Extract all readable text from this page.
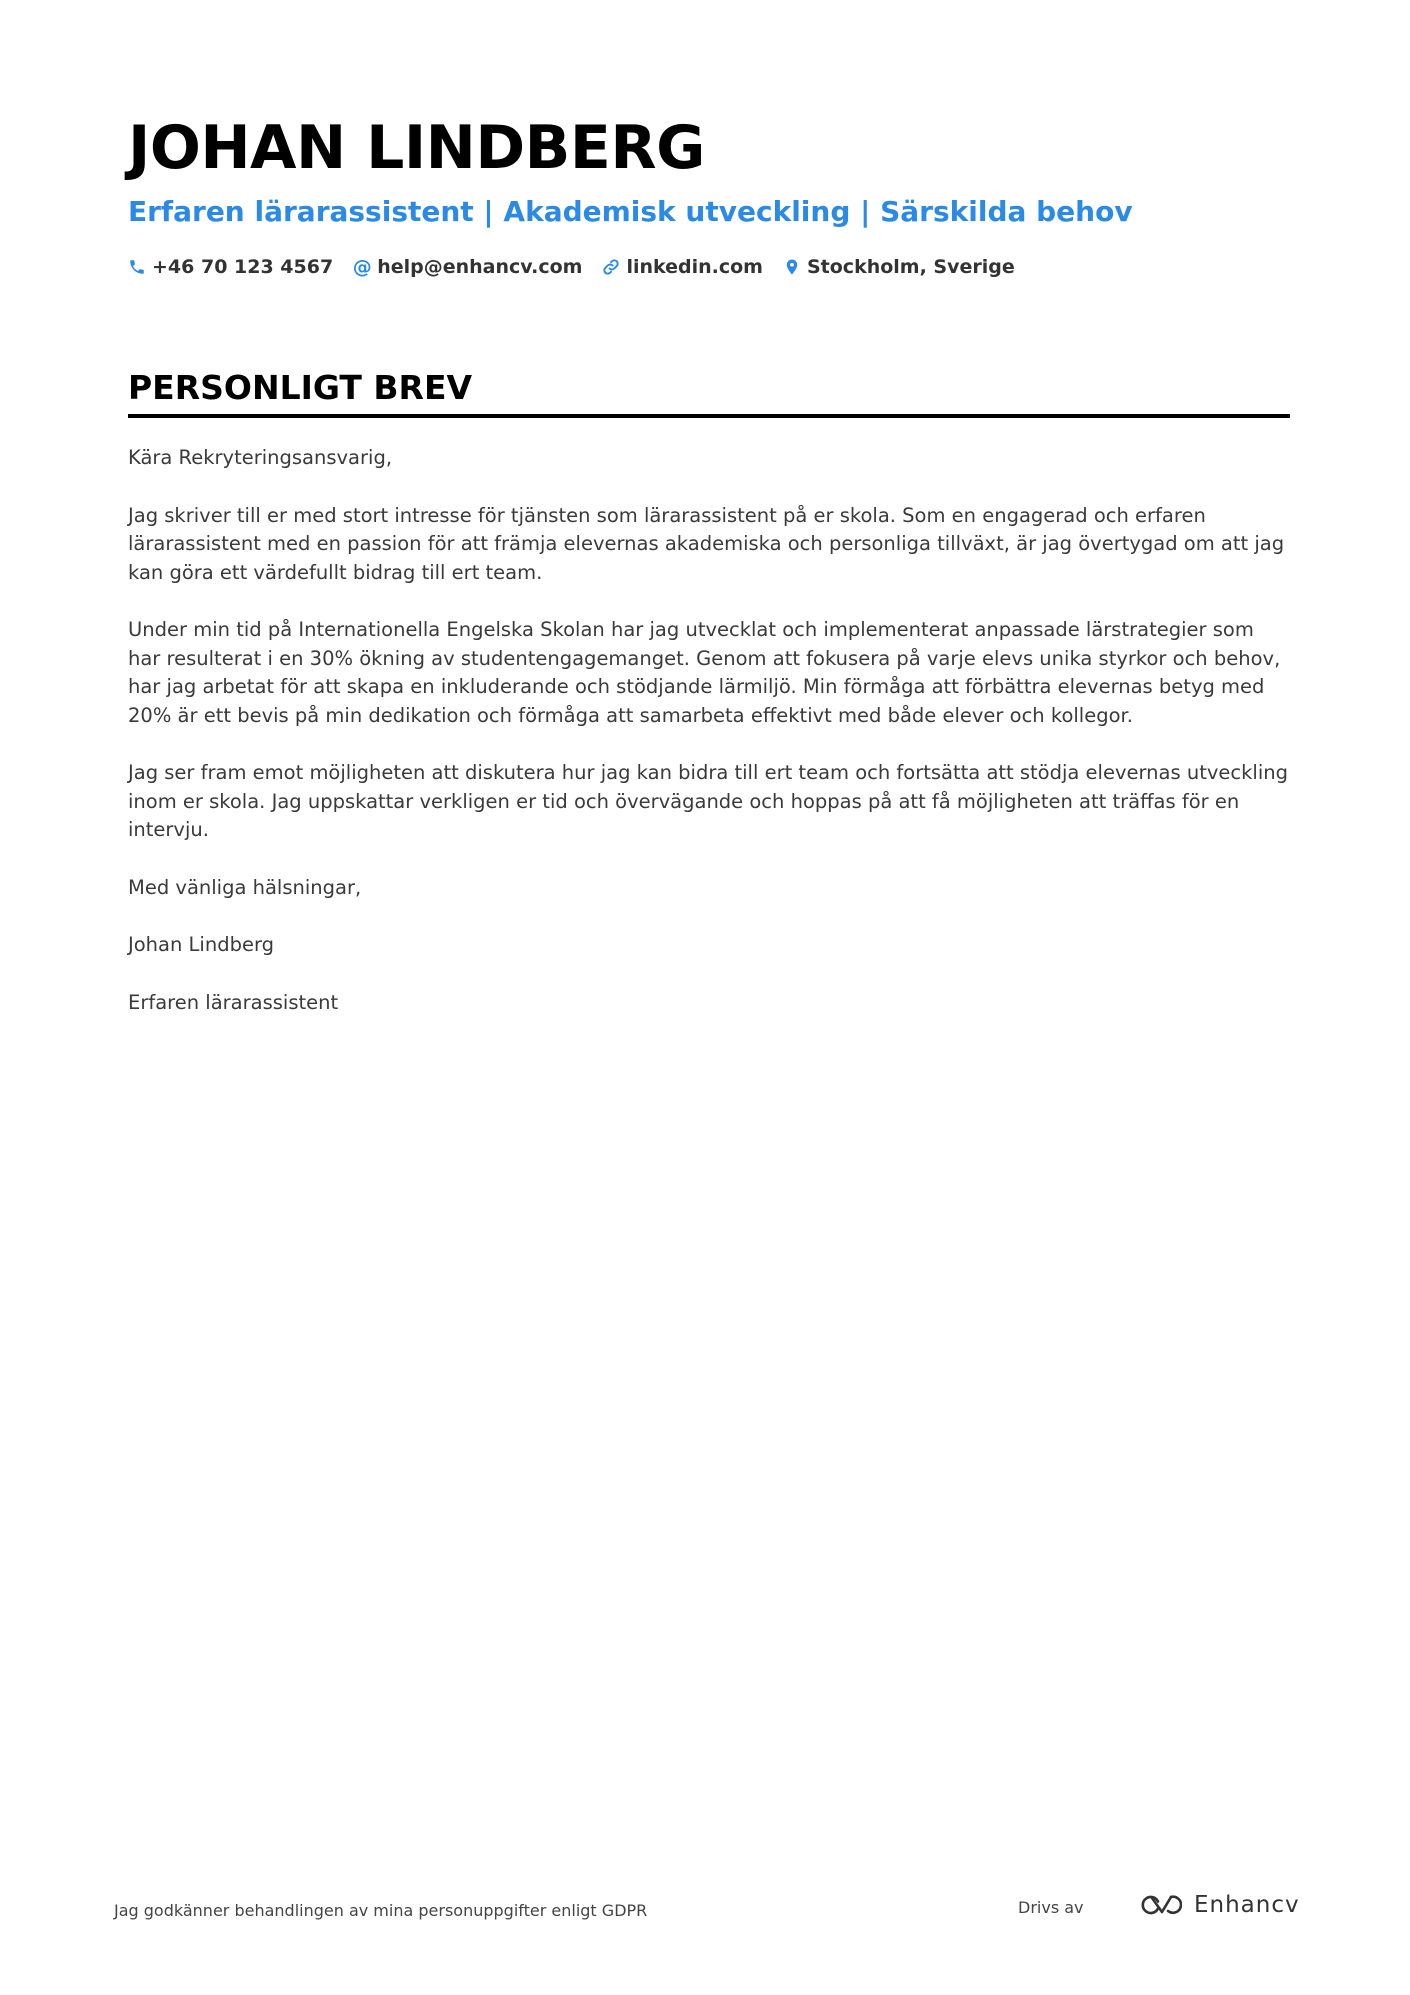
JOHAN LINDBERG
Erfaren lärarassistent | Akademisk utveckling | Särskilda behov
+46 70 123 4567 @ help@enhancv.com linkedin.com Stockholm, Sverige
PERSONLIGT BREV

Kära Rekryteringsansvarig,

Jag skriver till er med stort intresse för tjänsten som lärarassistent på er skola. Som en engagerad och erfaren lärarassistent med en passion för att främja elevernas akademiska och personliga tillväxt, är jag övertygad om att jag kan göra ett värdefullt bidrag till ert team.

Under min tid på Internationella Engelska Skolan har jag utvecklat och implementerat anpassade lärstrategier som har resulterat i en 30% ökning av studentengagemanget. Genom att fokusera på varje elevs unika styrkor och behov, har jag arbetat för att skapa en inkluderande och stödjande lärmiljö. Min förmåga att förbättra elevernas betyg med 20% är ett bevis på min dedikation och förmåga att samarbeta effektivt med både elever och kollegor.

Jag ser fram emot möjligheten att diskutera hur jag kan bidra till ert team och fortsätta att stödja elevernas utveckling inom er skola. Jag uppskattar verkligen er tid och övervägande och hoppas på att få möjligheten att träffas för en intervju.

Med vänliga hälsningar,

Johan Lindberg

Erfaren lärarassistent

Jag godkänner behandlingen av mina personuppgifter enligt GDPR	Drivs av	Enhancv
